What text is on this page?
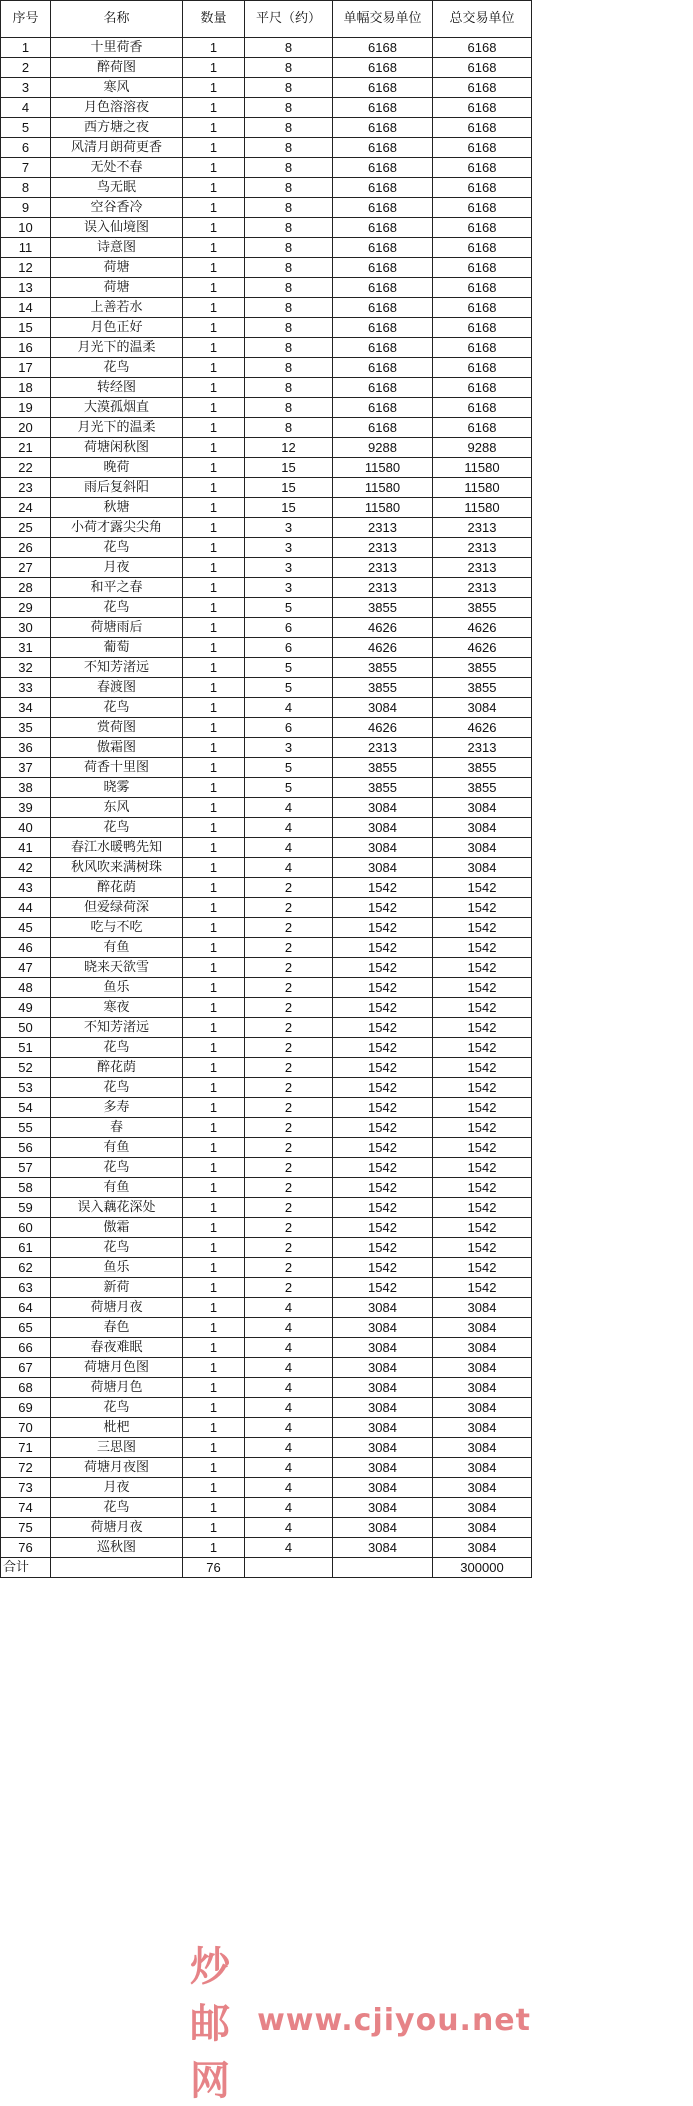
序号	名称	数量	平尺（约）	单幅交易单位	总交易单位
1	十里荷香	1	8	6168	6168
2	醉荷图	1	8	6168	6168
3	寒风	1	8	6168	6168
4	月色溶溶夜	1	8	6168	6168
5	西方塘之夜	1	8	6168	6168
6	风清月朗荷更香	1	8	6168	6168
7	无处不春	1	8	6168	6168
8	鸟无眠	1	8	6168	6168
9	空谷香冷	1	8	6168	6168
10	误入仙境图	1	8	6168	6168
11	诗意图	1	8	6168	6168
12	荷塘	1	8	6168	6168
13	荷塘	1	8	6168	6168
14	上善若水	1	8	6168	6168
15	月色正好	1	8	6168	6168
16	月光下的温柔	1	8	6168	6168
17	花鸟	1	8	6168	6168
18	转经图	1	8	6168	6168
19	大漠孤烟直	1	8	6168	6168
20	月光下的温柔	1	8	6168	6168
21	荷塘闲秋图	1	12	9288	9288
22	晚荷	1	15	11580	11580
23	雨后复斜阳	1	15	11580	11580
24	秋塘	1	15	11580	11580
25	小荷才露尖尖角	1	3	2313	2313
26	花鸟	1	3	2313	2313
27	月夜	1	3	2313	2313
28	和平之春	1	3	2313	2313
29	花鸟	1	5	3855	3855
30	荷塘雨后	1	6	4626	4626
31	葡萄	1	6	4626	4626
32	不知芳渚远	1	5	3855	3855
33	春渡图	1	5	3855	3855
34	花鸟	1	4	3084	3084
35	赏荷图	1	6	4626	4626
36	傲霜图	1	3	2313	2313
37	荷香十里图	1	5	3855	3855
38	晓雾	1	5	3855	3855
39	东风	1	4	3084	3084
40	花鸟	1	4	3084	3084
41	春江水暖鸭先知	1	4	3084	3084
42	秋风吹来满树珠	1	4	3084	3084
43	醉花荫	1	2	1542	1542
44	但爱绿荷深	1	2	1542	1542
45	吃与不吃	1	2	1542	1542
46	有鱼	1	2	1542	1542
47	晓来天欲雪	1	2	1542	1542
48	鱼乐	1	2	1542	1542
49	寒夜	1	2	1542	1542
50	不知芳渚远	1	2	1542	1542
51	花鸟	1	2	1542	1542
52	醉花荫	1	2	1542	1542
53	花鸟	1	2	1542	1542
54	多寿	1	2	1542	1542
55	春	1	2	1542	1542
56	有鱼	1	2	1542	1542
57	花鸟	1	2	1542	1542
58	有鱼	1	2	1542	1542
59	误入藕花深处	1	2	1542	1542
60	傲霜	1	2	1542	1542
61	花鸟	1	2	1542	1542
62	鱼乐	1	2	1542	1542
63	新荷	1	2	1542	1542
64	荷塘月夜	1	4	3084	3084
65	春色	1	4	3084	3084
66	春夜难眠	1	4	3084	3084
67	荷塘月色图	1	4	3084	3084
68	荷塘月色	1	4	3084	3084
69	花鸟	1	4	3084	3084
70	枇杷	1	4	3084	3084
71	三思图	1	4	3084	3084
72	荷塘月夜图	1	4	3084	3084
73	月夜	1	4	3084	3084
74	花鸟	1	4	3084	3084
75	荷塘月夜	1	4	3084	3084
76	巡秋图	1	4	3084	3084
合计		76			300000
炒邮网
www.cjiyou.net
